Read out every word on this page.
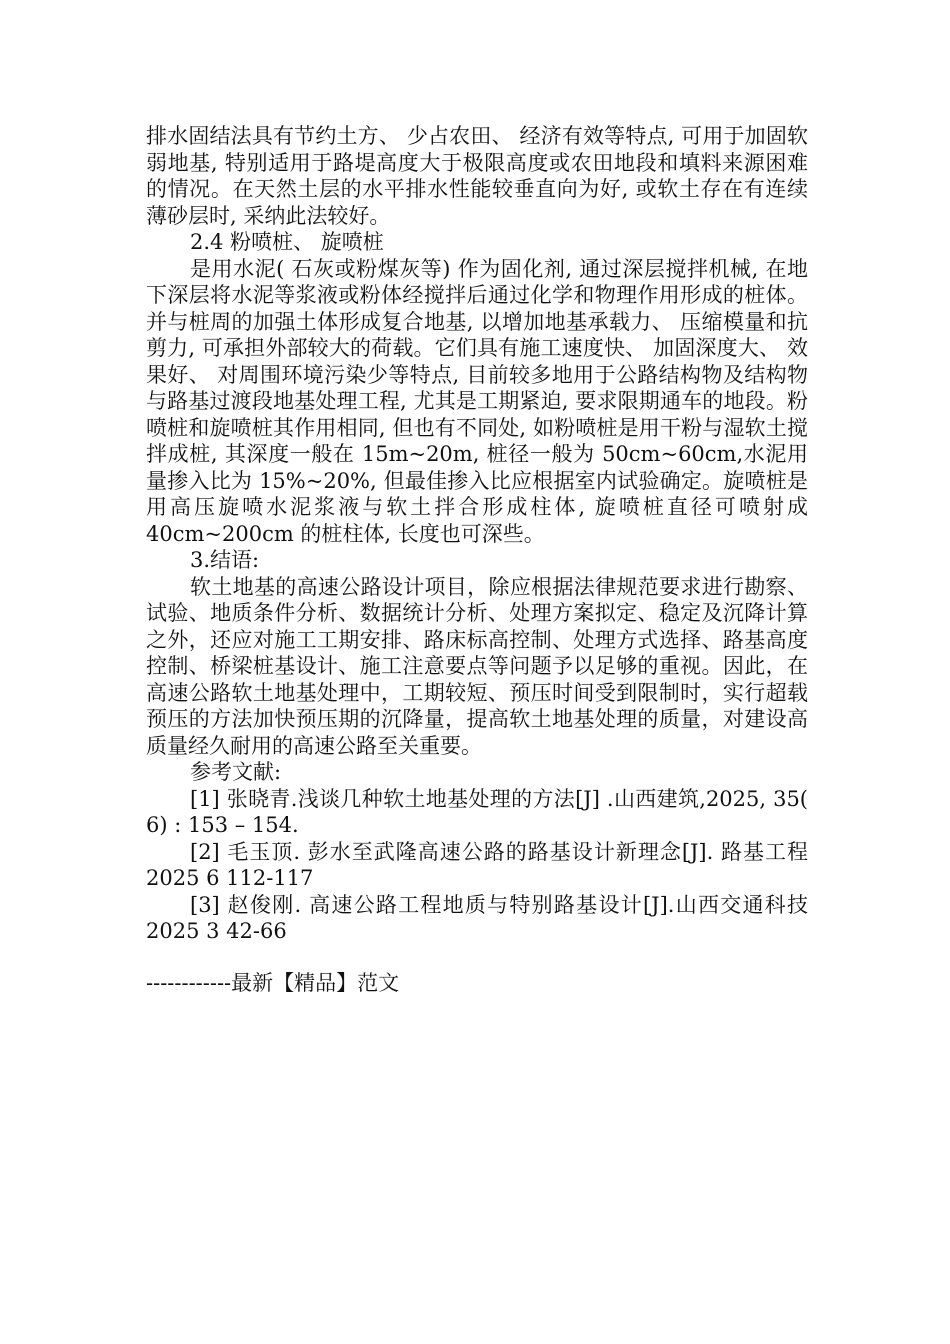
排水固结法具有节约土方、 少占农田、 经济有效等特点, 可用于加固软弱地基, 特别适用于路堤高度大于极限高度或农田地段和填料来源困难的情况。在天然土层的水平排水性能较垂直向为好, 或软土存在有连续薄砂层时, 采纳此法较好。

2.4 粉喷桩、 旋喷桩

是用水泥( 石灰或粉煤灰等) 作为固化剂, 通过深层搅拌机械, 在地下深层将水泥等浆液或粉体经搅拌后通过化学和物理作用形成的桩体。并与桩周的加强土体形成复合地基, 以增加地基承载力、 压缩模量和抗剪力, 可承担外部较大的荷载。它们具有施工速度快、 加固深度大、 效果好、 对周围环境污染少等特点, 目前较多地用于公路结构物及结构物与路基过渡段地基处理工程, 尤其是工期紧迫, 要求限期通车的地段。粉喷桩和旋喷桩其作用相同, 但也有不同处, 如粉喷桩是用干粉与湿软土搅拌成桩, 其深度一般在 15m~20m, 桩径一般为 50cm~60cm,水泥用量掺入比为 15%~20%, 但最佳掺入比应根据室内试验确定。旋喷桩是用高压旋喷水泥浆液与软土拌合形成柱体, 旋喷桩直径可喷射成 40cm~200cm 的桩柱体, 长度也可深些。

3.结语:

软土地基的高速公路设计项目，除应根据法律规范要求进行勘察、试验、地质条件分析、数据统计分析、处理方案拟定、稳定及沉降计算之外，还应对施工工期安排、路床标高控制、处理方式选择、路基高度控制、桥梁桩基设计、施工注意要点等问题予以足够的重视。因此，在高速公路软土地基处理中，工期较短、预压时间受到限制时，实行超载预压的方法加快预压期的沉降量，提高软土地基处理的质量，对建设高质量经久耐用的高速公路至关重要。

参考文献:

[1] 张晓青.浅谈几种软土地基处理的方法[J] .山西建筑,2025, 35( 6) : 153 – 154.

[2] 毛玉顶. 彭水至武隆高速公路的路基设计新理念[J]. 路基工程 2025 6 112-117

[3] 赵俊刚. 高速公路工程地质与特别路基设计[J].山西交通科技 2025 3 42-66

------------最新【精品】范文
